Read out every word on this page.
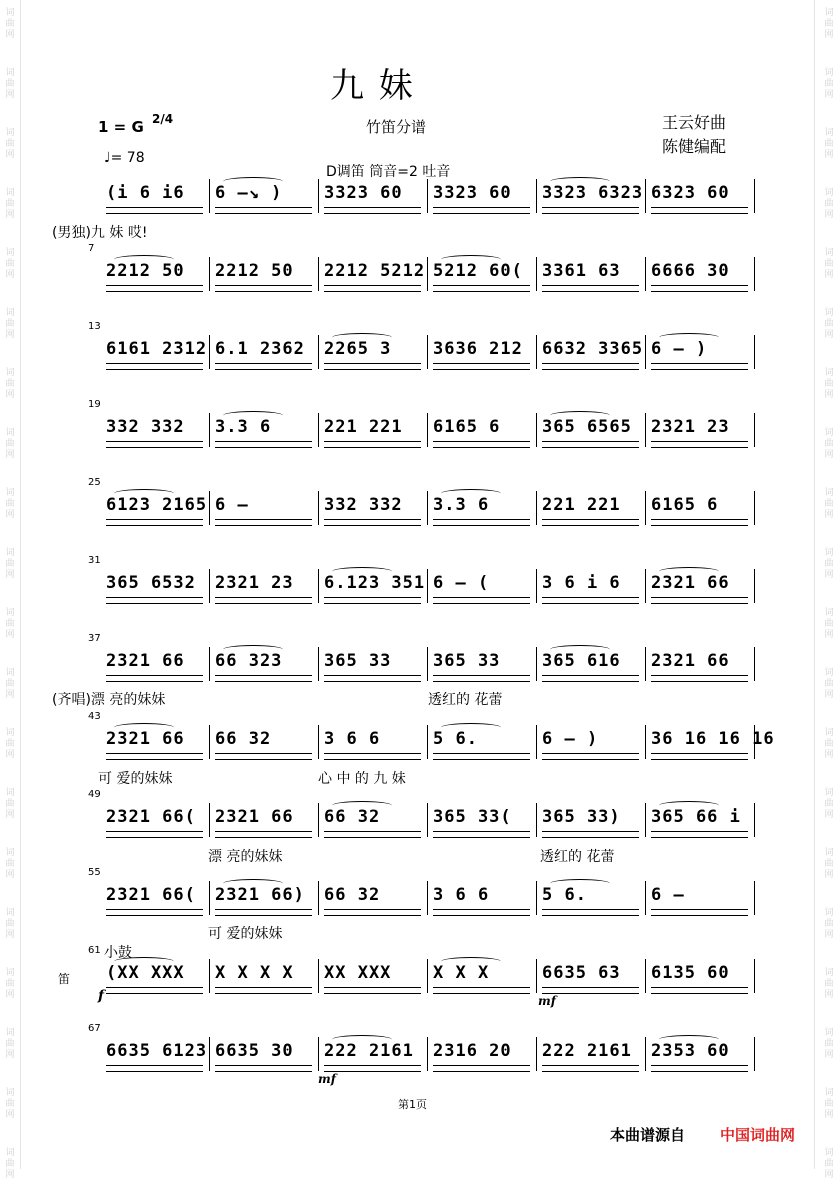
词
曲
网
词
曲
网
词
曲
网
词
曲
网
词
曲
网
词
曲
网
词
曲
网
词
曲
网
词
曲
网
词
曲
网
词
曲
网
词
曲
网
词
曲
网
词
曲
网
词
曲
网
词
曲
网
词
曲
网
词
曲
网
词
曲
网
词
曲
网
词
曲
网
词
曲
网
词
曲
网
词
曲
网
词
曲
网
词
曲
网
词
曲
网
词
曲
网
词
曲
网
词
曲
网
词
曲
网
词
曲
网
词
曲
网
词
曲
网
词
曲
网
词
曲
网
词
曲
网
词
曲
网
词
曲
网
词
曲
网
九 妹
1 = G 2/4
♩= 78
竹笛分谱	王云好曲
陈健编配
D调笛 筒音=2 吐音
(i 6 i6	6 –↘ )	3323 60	3323 60	3323 6323 6323 60
7
2212 50	2212 50	2212 5212 5212 60(	3361 63	6666 30
13
6161 2312 6.1 2362	2265 3	3636 212	6632 3365 6 – )
19
332 332	3.3 6	221 221	6165 6	365 6565	2321 23
25
6123 2165 6 –	332 332	3.3 6	221 221	6165 6
31
365 6532	2321 23	6.123 351 6 – (	3 6 i 6	2321 66
37
2321 66	66 323	365 33	365 33	365 616	2321 66
43
2321 66	66 32	3 6 6	5 6.	6 – )	36 16 16 16
49
2321 66(	2321 66	66 32	365 33(	365 33)	365 66 i
55
2321 66(	2321 66)	66 32	3 6 6	5 6.	6 –
61
(XX XXX	X X X X	XX XXX	X X X	6635 63	6135 60
67
6635 6123 6635 30	222 2161	2316 20	222 2161	2353 60
(男独)九 妹 哎!
(齐唱)漂 亮的妹妹	透红的 花蕾
可 爱的妹妹	心 中 的 九 妹
漂 亮的妹妹	透红的 花蕾
可 爱的妹妹
小鼓
笛
f	mf
mf
第1页
本曲谱源自 中国词曲网
